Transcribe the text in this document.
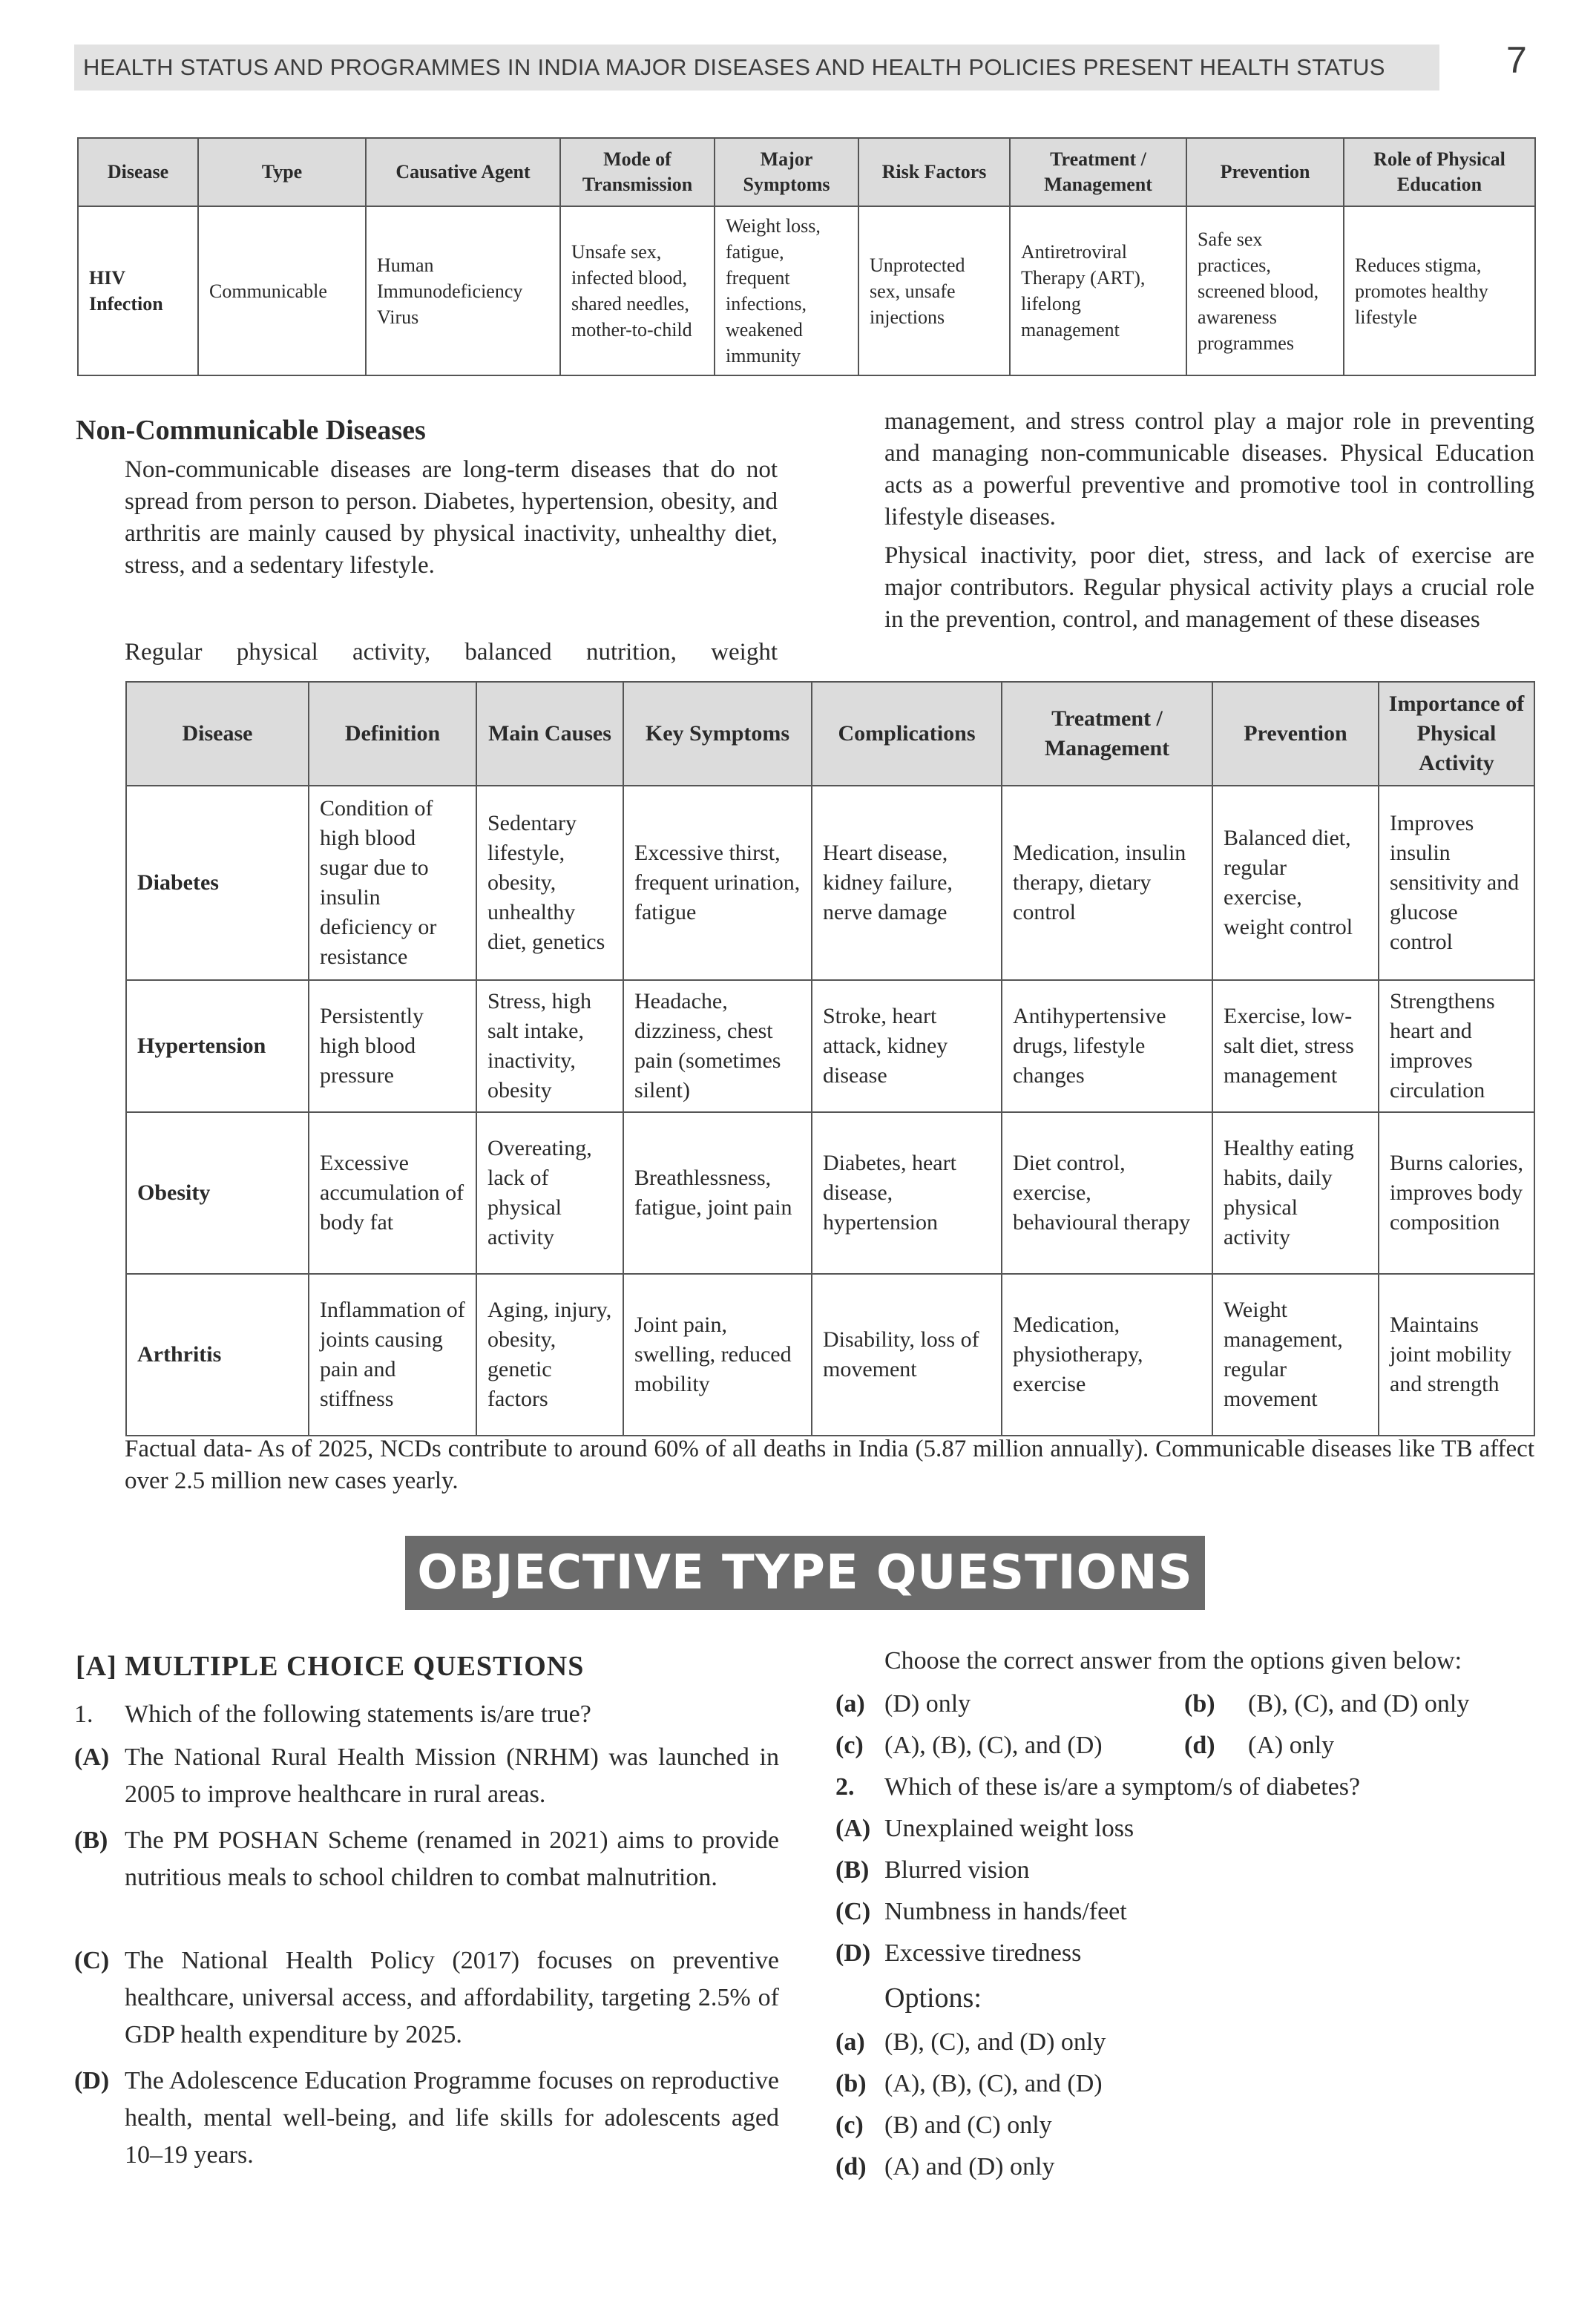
HEALTH STATUS AND PROGRAMMES IN INDIA MAJOR DISEASES AND HEALTH POLICIES PRESENT HEALTH STATUS	7
Disease	Type	Causative Agent	Mode of Transmission	Major Symptoms	Risk Factors	Treatment / Management	Prevention	Role of Physical Education
HIV Infection	Communicable	Human Immunodeficiency Virus	Unsafe sex, infected blood, shared needles, mother-to-child	Weight loss, fatigue, frequent infections, weakened immunity	Unprotected sex, unsafe injections	Antiretroviral Therapy (ART), lifelong management	Safe sex practices, screened blood, awareness programmes	Reduces stigma, promotes healthy lifestyle
Non-Communicable Diseases

Non-communicable diseases are long-term diseases that do not spread from person to person. Diabetes, hypertension, obesity, and arthritis are mainly caused by physical inactivity, unhealthy diet, stress, and a sedentary lifestyle.

Regular physical activity, balanced nutrition, weight

management, and stress control play a major role in preventing and managing non-communicable diseases. Physical Education acts as a powerful preventive and promotive tool in controlling lifestyle diseases.

Physical inactivity, poor diet, stress, and lack of exercise are major contributors. Regular physical activity plays a crucial role in the prevention, control, and management of these diseases

Disease	Definition	Main Causes	Key Symptoms	Complications	Treatment / Management	Prevention	Importance of Physical Activity
Diabetes	Condition of high blood sugar due to insulin deficiency or resistance	Sedentary lifestyle, obesity, unhealthy diet, genetics	Excessive thirst, frequent urination, fatigue	Heart disease, kidney failure, nerve damage	Medication, insulin therapy, dietary control	Balanced diet, regular exercise, weight control	Improves insulin sensitivity and glucose control
Hypertension	Persistently high blood pressure	Stress, high salt intake, inactivity, obesity	Headache, dizziness, chest pain (sometimes silent)	Stroke, heart attack, kidney disease	Antihypertensive drugs, lifestyle changes	Exercise, low-salt diet, stress management	Strengthens heart and improves circulation
Obesity	Excessive accumulation of body fat	Overeating, lack of physical activity	Breathlessness, fatigue, joint pain	Diabetes, heart disease, hypertension	Diet control, exercise, behavioural therapy	Healthy eating habits, daily physical activity	Burns calories, improves body composition
Arthritis	Inflammation of joints causing pain and stiffness	Aging, injury, obesity, genetic factors	Joint pain, swelling, reduced mobility	Disability, loss of movement	Medication, physiotherapy, exercise	Weight management, regular movement	Maintains joint mobility and strength

Factual data- As of 2025, NCDs contribute to around 60% of all deaths in India (5.87 million annually). Communicable diseases like TB affect over 2.5 million new cases yearly.

OBJECTIVE TYPE QUESTIONS
[A] MULTIPLE CHOICE QUESTIONS
1.	Which of the following statements is/are true?
(A) The National Rural Health Mission (NRHM) was launched in 2005 to improve healthcare in rural areas.
(B) The PM POSHAN Scheme (renamed in 2021) aims to provide nutritious meals to school children to combat malnutrition.
(C) The National Health Policy (2017) focuses on preventive healthcare, universal access, and affordability, targeting 2.5% of GDP health expenditure by 2025.
(D) The Adolescence Education Programme focuses on reproductive health, mental well-being, and life skills for adolescents aged 10–19 years.

Choose the correct answer from the options given below:

(a) (D) only	(b) (B), (C), and (D) only
(c) (A), (B), (C), and (D)	(d) (A) only
2. Which of these is/are a symptom/s of diabetes?
(A) Unexplained weight loss
(B) Blurred vision
(C) Numbness in hands/feet
(D) Excessive tiredness

Options:

(a) (B), (C), and (D) only
(b) (A), (B), (C), and (D)
(c) (B) and (C) only
(d) (A) and (D) only
